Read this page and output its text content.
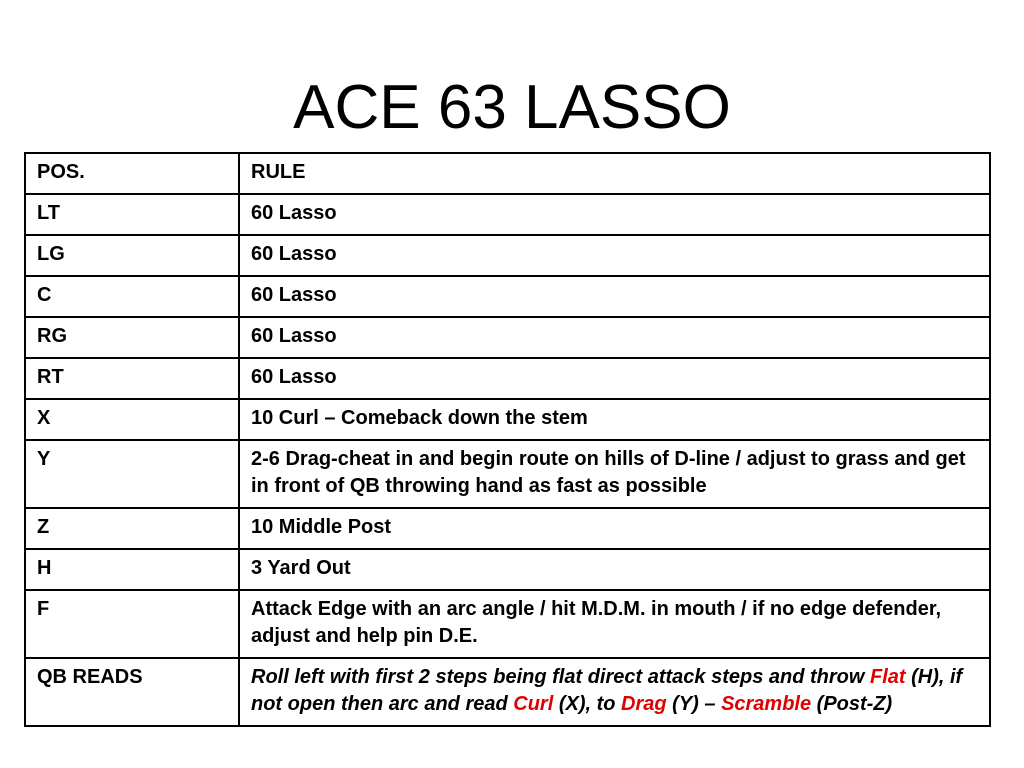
ACE 63 LASSO
POS.	RULE
LT	60 Lasso
LG	60 Lasso
C	60 Lasso
RG	60 Lasso
RT	60 Lasso
X	10 Curl – Comeback down the stem
Y	2-6 Drag-cheat in and begin route on hills of D-line / adjust to grass and get in front of QB throwing hand as fast as possible
Z	10 Middle Post
H	3 Yard Out
F	Attack Edge with an arc angle / hit M.D.M. in mouth / if no edge defender, adjust and help pin D.E.
QB READS	Roll left with first 2 steps being flat direct attack steps and throw Flat (H), if not open then arc and read Curl (X), to Drag (Y) – Scramble (Post-Z)
